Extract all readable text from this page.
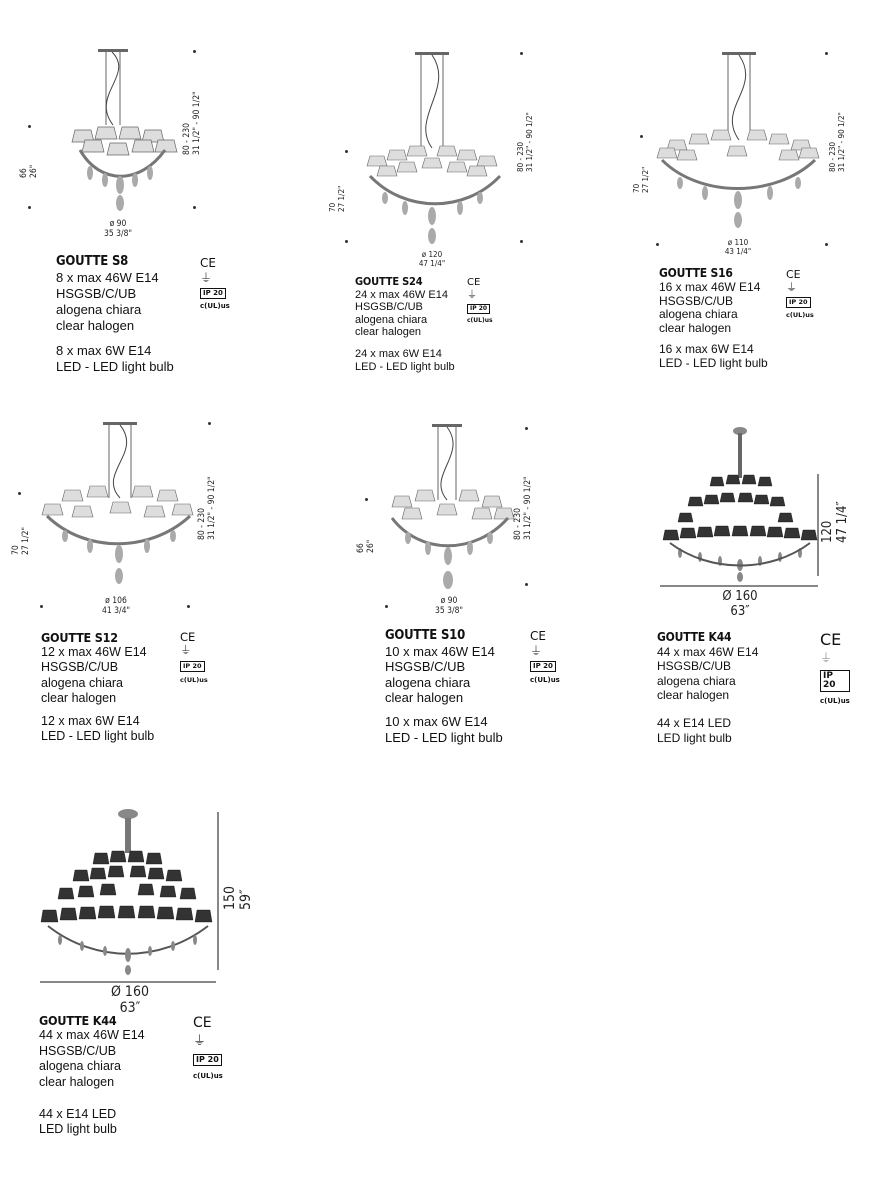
66 26"
80 - 230 31 1/2" - 90 1/2"
ø 90
35 3/8"
GOUTTE S8
8 x max 46W E14
HSGSB/C/UB
alogena chiara
clear halogen
8 x max 6W E14
LED - LED light bulb
CE
⏚
IP 20
c(UL)us
70 27 1/2"
80 - 230 31 1/2" - 90 1/2"
ø 120
47 1/4"
GOUTTE S24
24 x max 46W E14
HSGSB/C/UB
alogena chiara
clear halogen
24 x max 6W E14
LED - LED light bulb
CE
⏚
IP 20
c(UL)us
70 27 1/2"
80 - 230 31 1/2" - 90 1/2"
ø 110
43 1/4"
GOUTTE S16
16 x max 46W E14
HSGSB/C/UB
alogena chiara
clear halogen
16 x max 6W E14
LED - LED light bulb
CE
⏚
IP 20
c(UL)us
70 27 1/2"
80 - 230 31 1/2" - 90 1/2"
ø 106
41 3/4"
GOUTTE S12
12 x max 46W E14
HSGSB/C/UB
alogena chiara
clear halogen
12 x max 6W E14
LED - LED light bulb
CE
⏚
IP 20
c(UL)us
66 26"
80 - 230 31 1/2" - 90 1/2"
ø 90
35 3/8"
GOUTTE S10
10 x max 46W E14
HSGSB/C/UB
alogena chiara
clear halogen
10 x max 6W E14
LED - LED light bulb
CE
⏚
IP 20
c(UL)us
120 47 1/4″
Ø 160
63″
GOUTTE K44
44 x max 46W E14
HSGSB/C/UB
alogena chiara
clear halogen
44 x E14 LED
LED light bulb
CE
⏚
IP 20
c(UL)us
150 59″
Ø 160
63″
GOUTTE K44
44 x max 46W E14
HSGSB/C/UB
alogena chiara
clear halogen
44 x E14 LED
LED light bulb
CE
⏚
IP 20
c(UL)us
